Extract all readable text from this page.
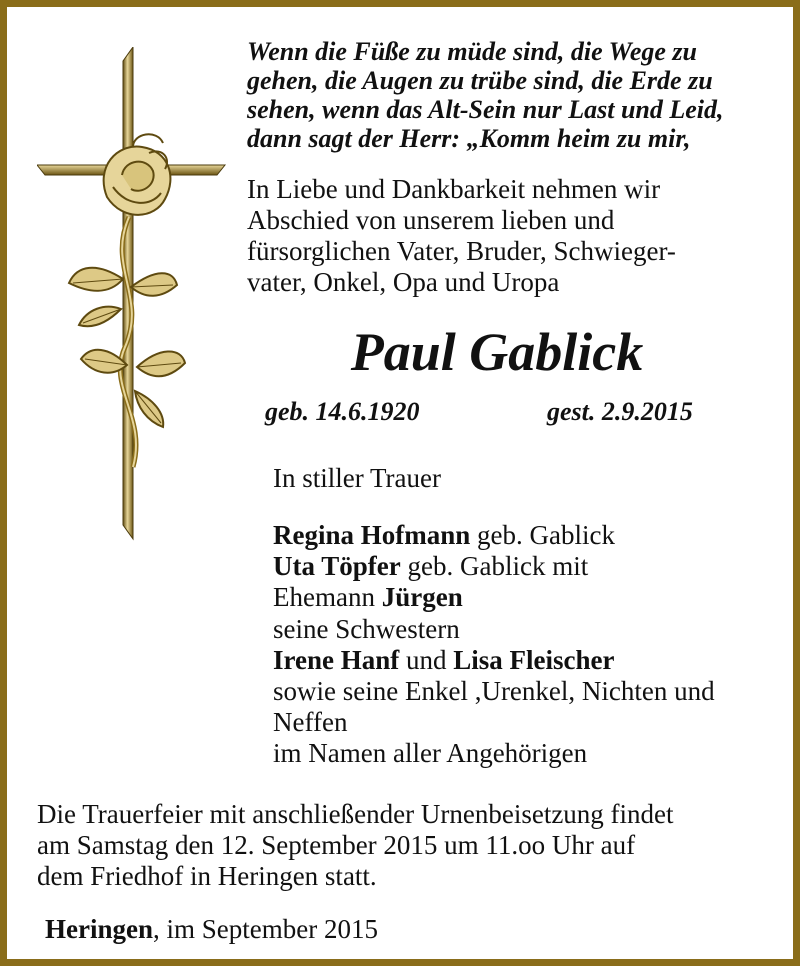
Wenn die Füße zu müde sind, die Wege zu
gehen, die Augen zu trübe sind, die Erde zu
sehen, wenn das Alt-Sein nur Last und Leid,
dann sagt der Herr: „Komm heim zu mir,
In Liebe und Dankbarkeit nehmen wir
Abschied von unserem lieben und
fürsorglichen Vater, Bruder, Schwieger-
vater, Onkel, Opa und Uropa
Paul Gablick
geb. 14.6.1920	gest. 2.9.2015
In stiller Trauer
Regina Hofmann geb. Gablick
Uta Töpfer geb. Gablick mit
Ehemann Jürgen
seine Schwestern
Irene Hanf und Lisa Fleischer
sowie seine Enkel ,Urenkel, Nichten und
Neffen
im Namen aller Angehörigen
Die Trauerfeier mit anschließender Urnenbeisetzung findet
am Samstag den 12. September 2015 um 11.oo Uhr auf
dem Friedhof in Heringen statt.
Heringen, im September 2015
